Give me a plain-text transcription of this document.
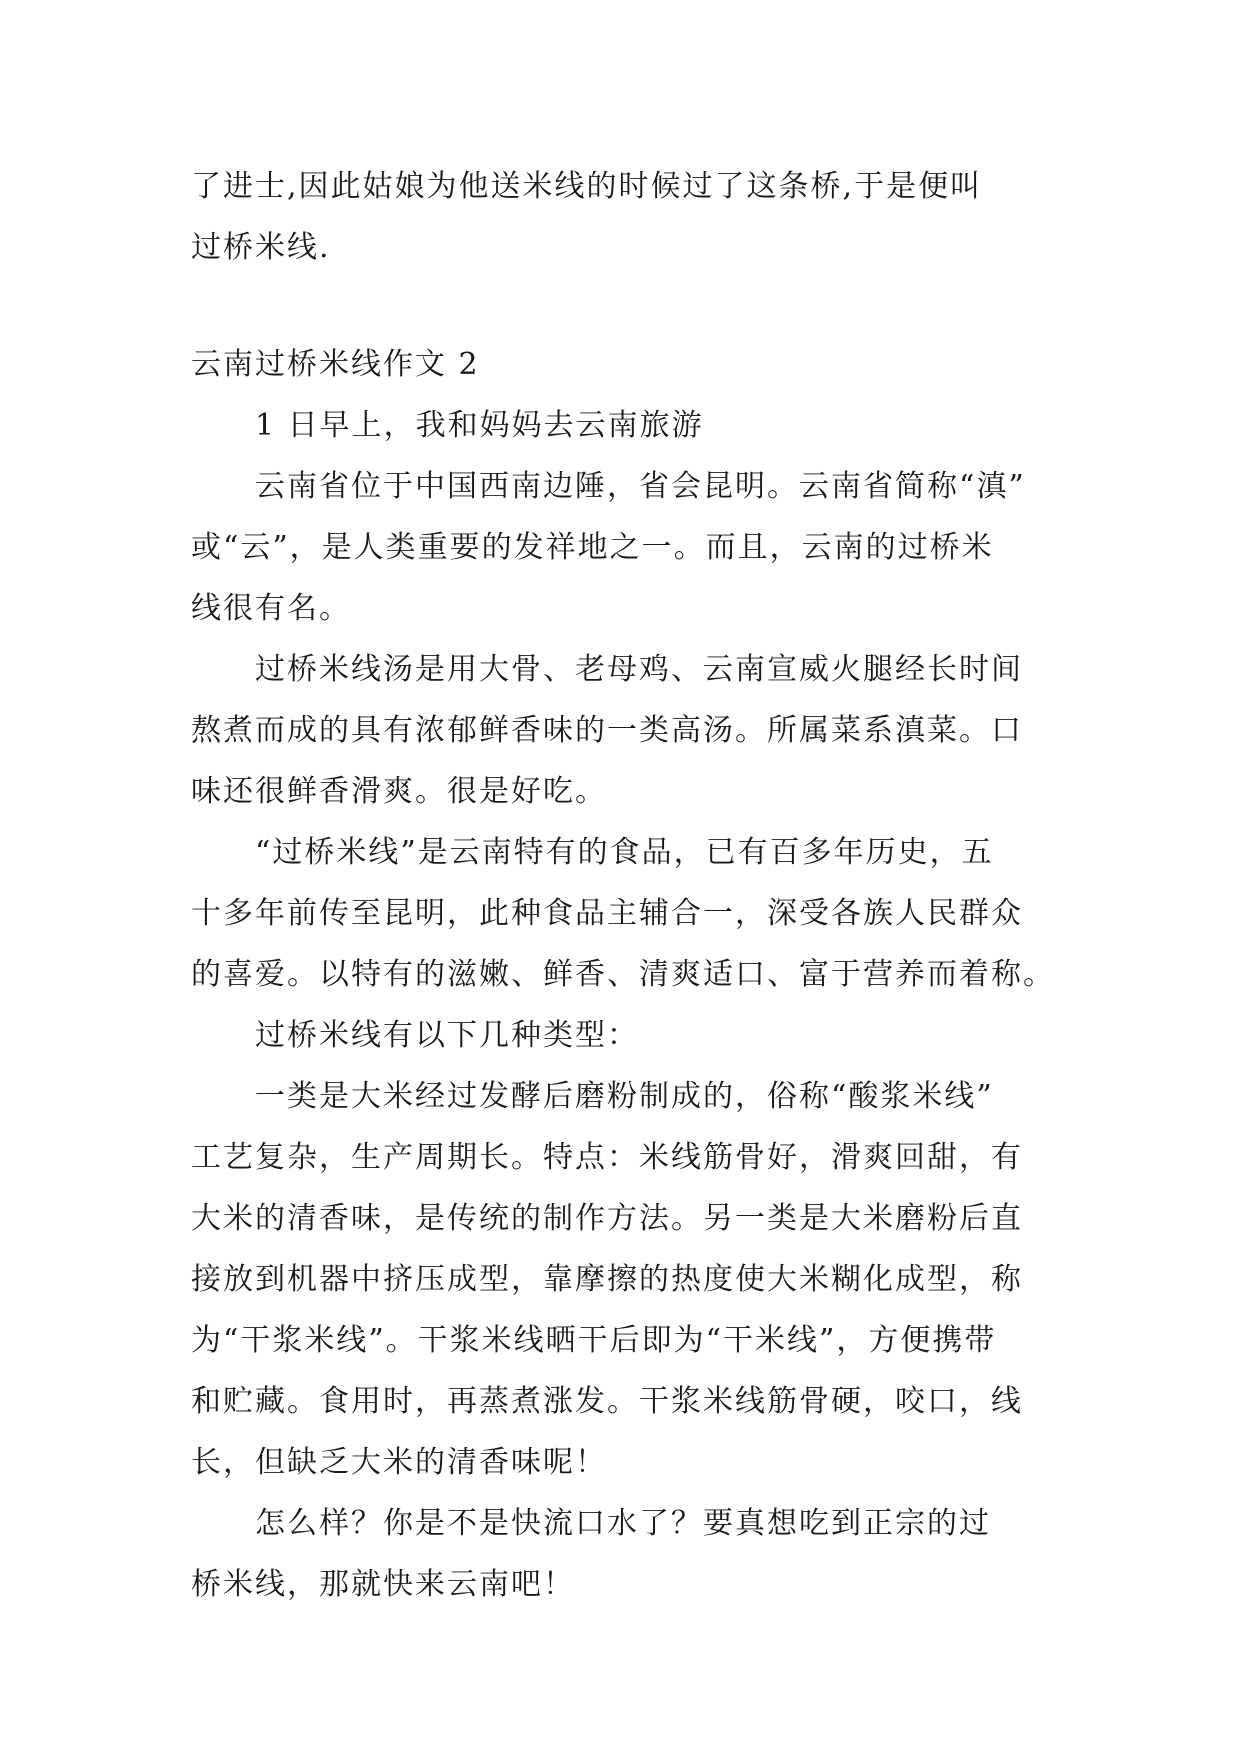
了进士,因此姑娘为他送米线的时候过了这条桥,于是便叫
过桥米线.
云南过桥米线作文 2
1 日早上，我和妈妈去云南旅游
云南省位于中国西南边陲，省会昆明。云南省简称“滇”
或“云”，是人类重要的发祥地之一。而且，云南的过桥米
线很有名。
过桥米线汤是用大骨、老母鸡、云南宣威火腿经长时间
熬煮而成的具有浓郁鲜香味的一类高汤。所属菜系滇菜。口
味还很鲜香滑爽。很是好吃。
“过桥米线”是云南特有的食品，已有百多年历史，五
十多年前传至昆明，此种食品主辅合一，深受各族人民群众
的喜爱。以特有的滋嫩、鲜香、清爽适口、富于营养而着称。
过桥米线有以下几种类型：
一类是大米经过发酵后磨粉制成的，俗称“酸浆米线”
工艺复杂，生产周期长。特点：米线筋骨好，滑爽回甜，有
大米的清香味，是传统的制作方法。另一类是大米磨粉后直
接放到机器中挤压成型，靠摩擦的热度使大米糊化成型，称
为“干浆米线”。干浆米线晒干后即为“干米线”，方便携带
和贮藏。食用时，再蒸煮涨发。干浆米线筋骨硬，咬口，线
长，但缺乏大米的清香味呢！
怎么样？你是不是快流口水了？要真想吃到正宗的过
桥米线，那就快来云南吧！
